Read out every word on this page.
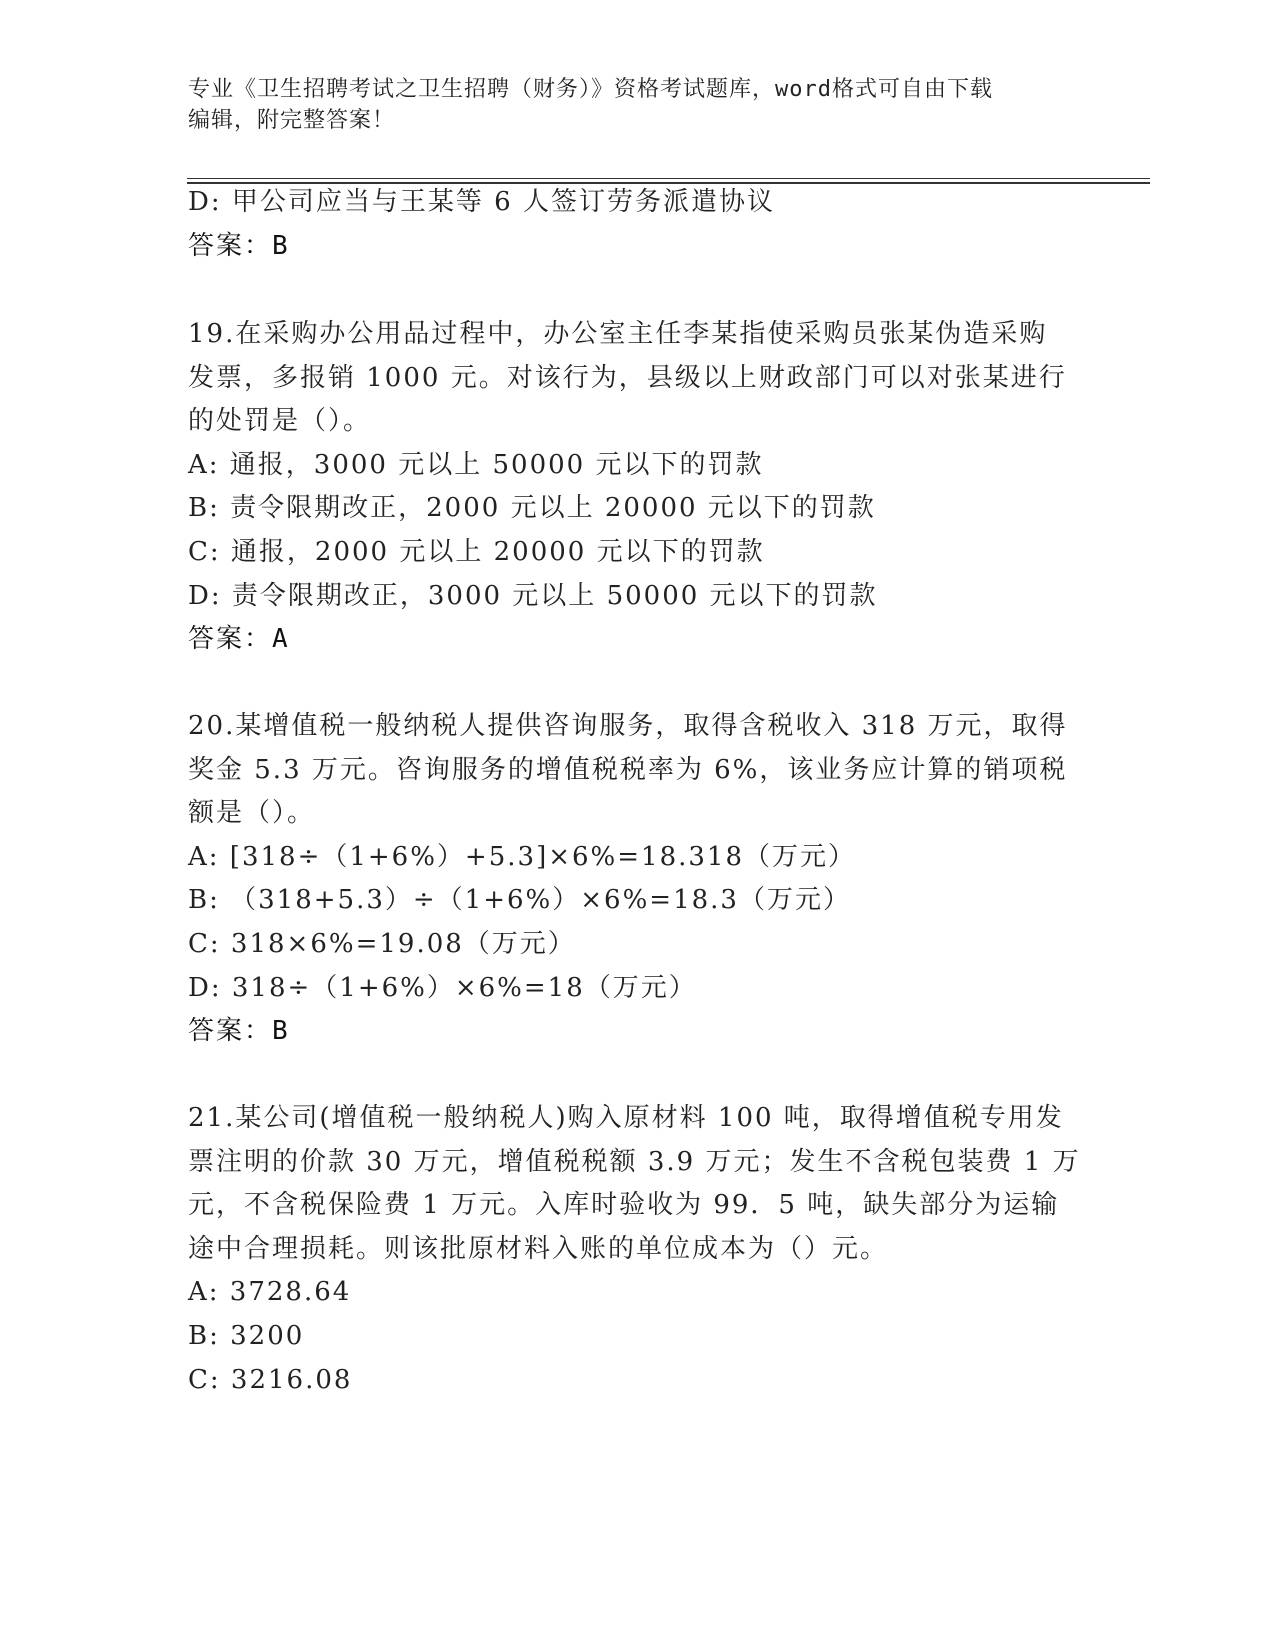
专业《卫生招聘考试之卫生招聘（财务）》资格考试题库，word格式可自由下载
编辑，附完整答案！
D: 甲公司应当与王某等 6 人签订劳务派遣协议
答案：B
19.在采购办公用品过程中，办公室主任李某指使采购员张某伪造采购
发票，多报销 1000 元。对该行为，县级以上财政部门可以对张某进行
的处罚是（）。
A: 通报，3000 元以上 50000 元以下的罚款
B: 责令限期改正，2000 元以上 20000 元以下的罚款
C: 通报，2000 元以上 20000 元以下的罚款
D: 责令限期改正，3000 元以上 50000 元以下的罚款
答案：A
20.某增值税一般纳税人提供咨询服务，取得含税收入 318 万元，取得
奖金 5.3 万元。咨询服务的增值税税率为 6%，该业务应计算的销项税
额是（）。
A: [318÷（1+6%）+5.3]×6%=18.318（万元）
B: （318+5.3）÷（1+6%）×6%=18.3（万元）
C: 318×6%=19.08（万元）
D: 318÷（1+6%）×6%=18（万元）
答案：B
21.某公司(增值税一般纳税人)购入原材料 100 吨，取得增值税专用发
票注明的价款 30 万元，增值税税额 3.9 万元；发生不含税包装费 1 万
元，不含税保险费 1 万元。入库时验收为 99．5 吨，缺失部分为运输
途中合理损耗。则该批原材料入账的单位成本为（）元。
A: 3728.64
B: 3200
C: 3216.08
